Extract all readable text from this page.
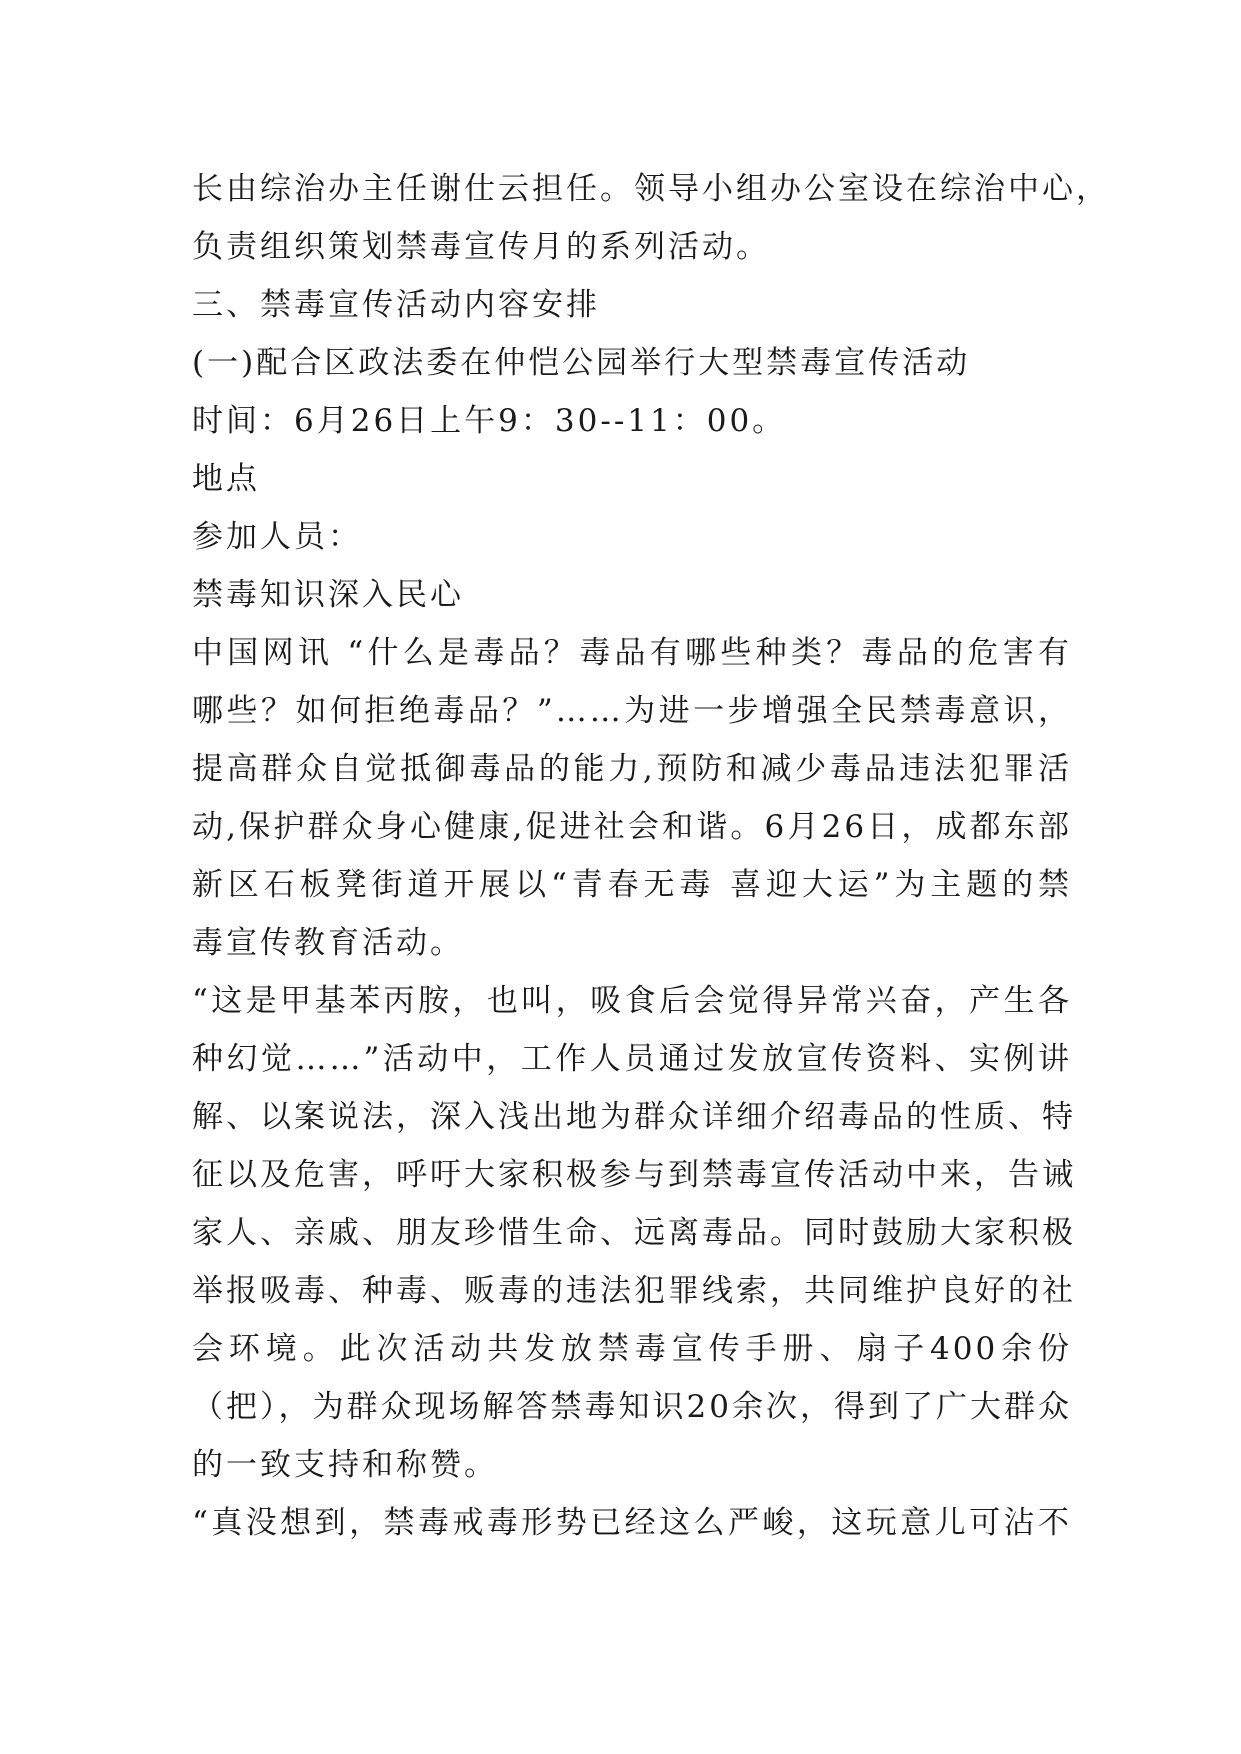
长由综治办主任谢仕云担任。领导小组办公室设在综治中心，
负责组织策划禁毒宣传月的系列活动。
三、禁毒宣传活动内容安排
(一)配合区政法委在仲恺公园举行大型禁毒宣传活动
时间：6月26日上午9：30--11：00。
地点
参加人员：
禁毒知识深入民心
中国网讯 “什么是毒品？毒品有哪些种类？毒品的危害有
哪些？如何拒绝毒品？”……为进一步增强全民禁毒意识，
提高群众自觉抵御毒品的能力,预防和减少毒品违法犯罪活
动,保护群众身心健康,促进社会和谐。6月26日，成都东部
新区石板凳街道开展以“青春无毒 喜迎大运”为主题的禁
毒宣传教育活动。
“这是甲基苯丙胺，也叫，吸食后会觉得异常兴奋，产生各
种幻觉……”活动中，工作人员通过发放宣传资料、实例讲
解、以案说法，深入浅出地为群众详细介绍毒品的性质、特
征以及危害，呼吁大家积极参与到禁毒宣传活动中来，告诫
家人、亲戚、朋友珍惜生命、远离毒品。同时鼓励大家积极
举报吸毒、种毒、贩毒的违法犯罪线索，共同维护良好的社
会环境。此次活动共发放禁毒宣传手册、扇子400余份
（把），为群众现场解答禁毒知识20余次，得到了广大群众
的一致支持和称赞。
“真没想到，禁毒戒毒形势已经这么严峻，这玩意儿可沾不
